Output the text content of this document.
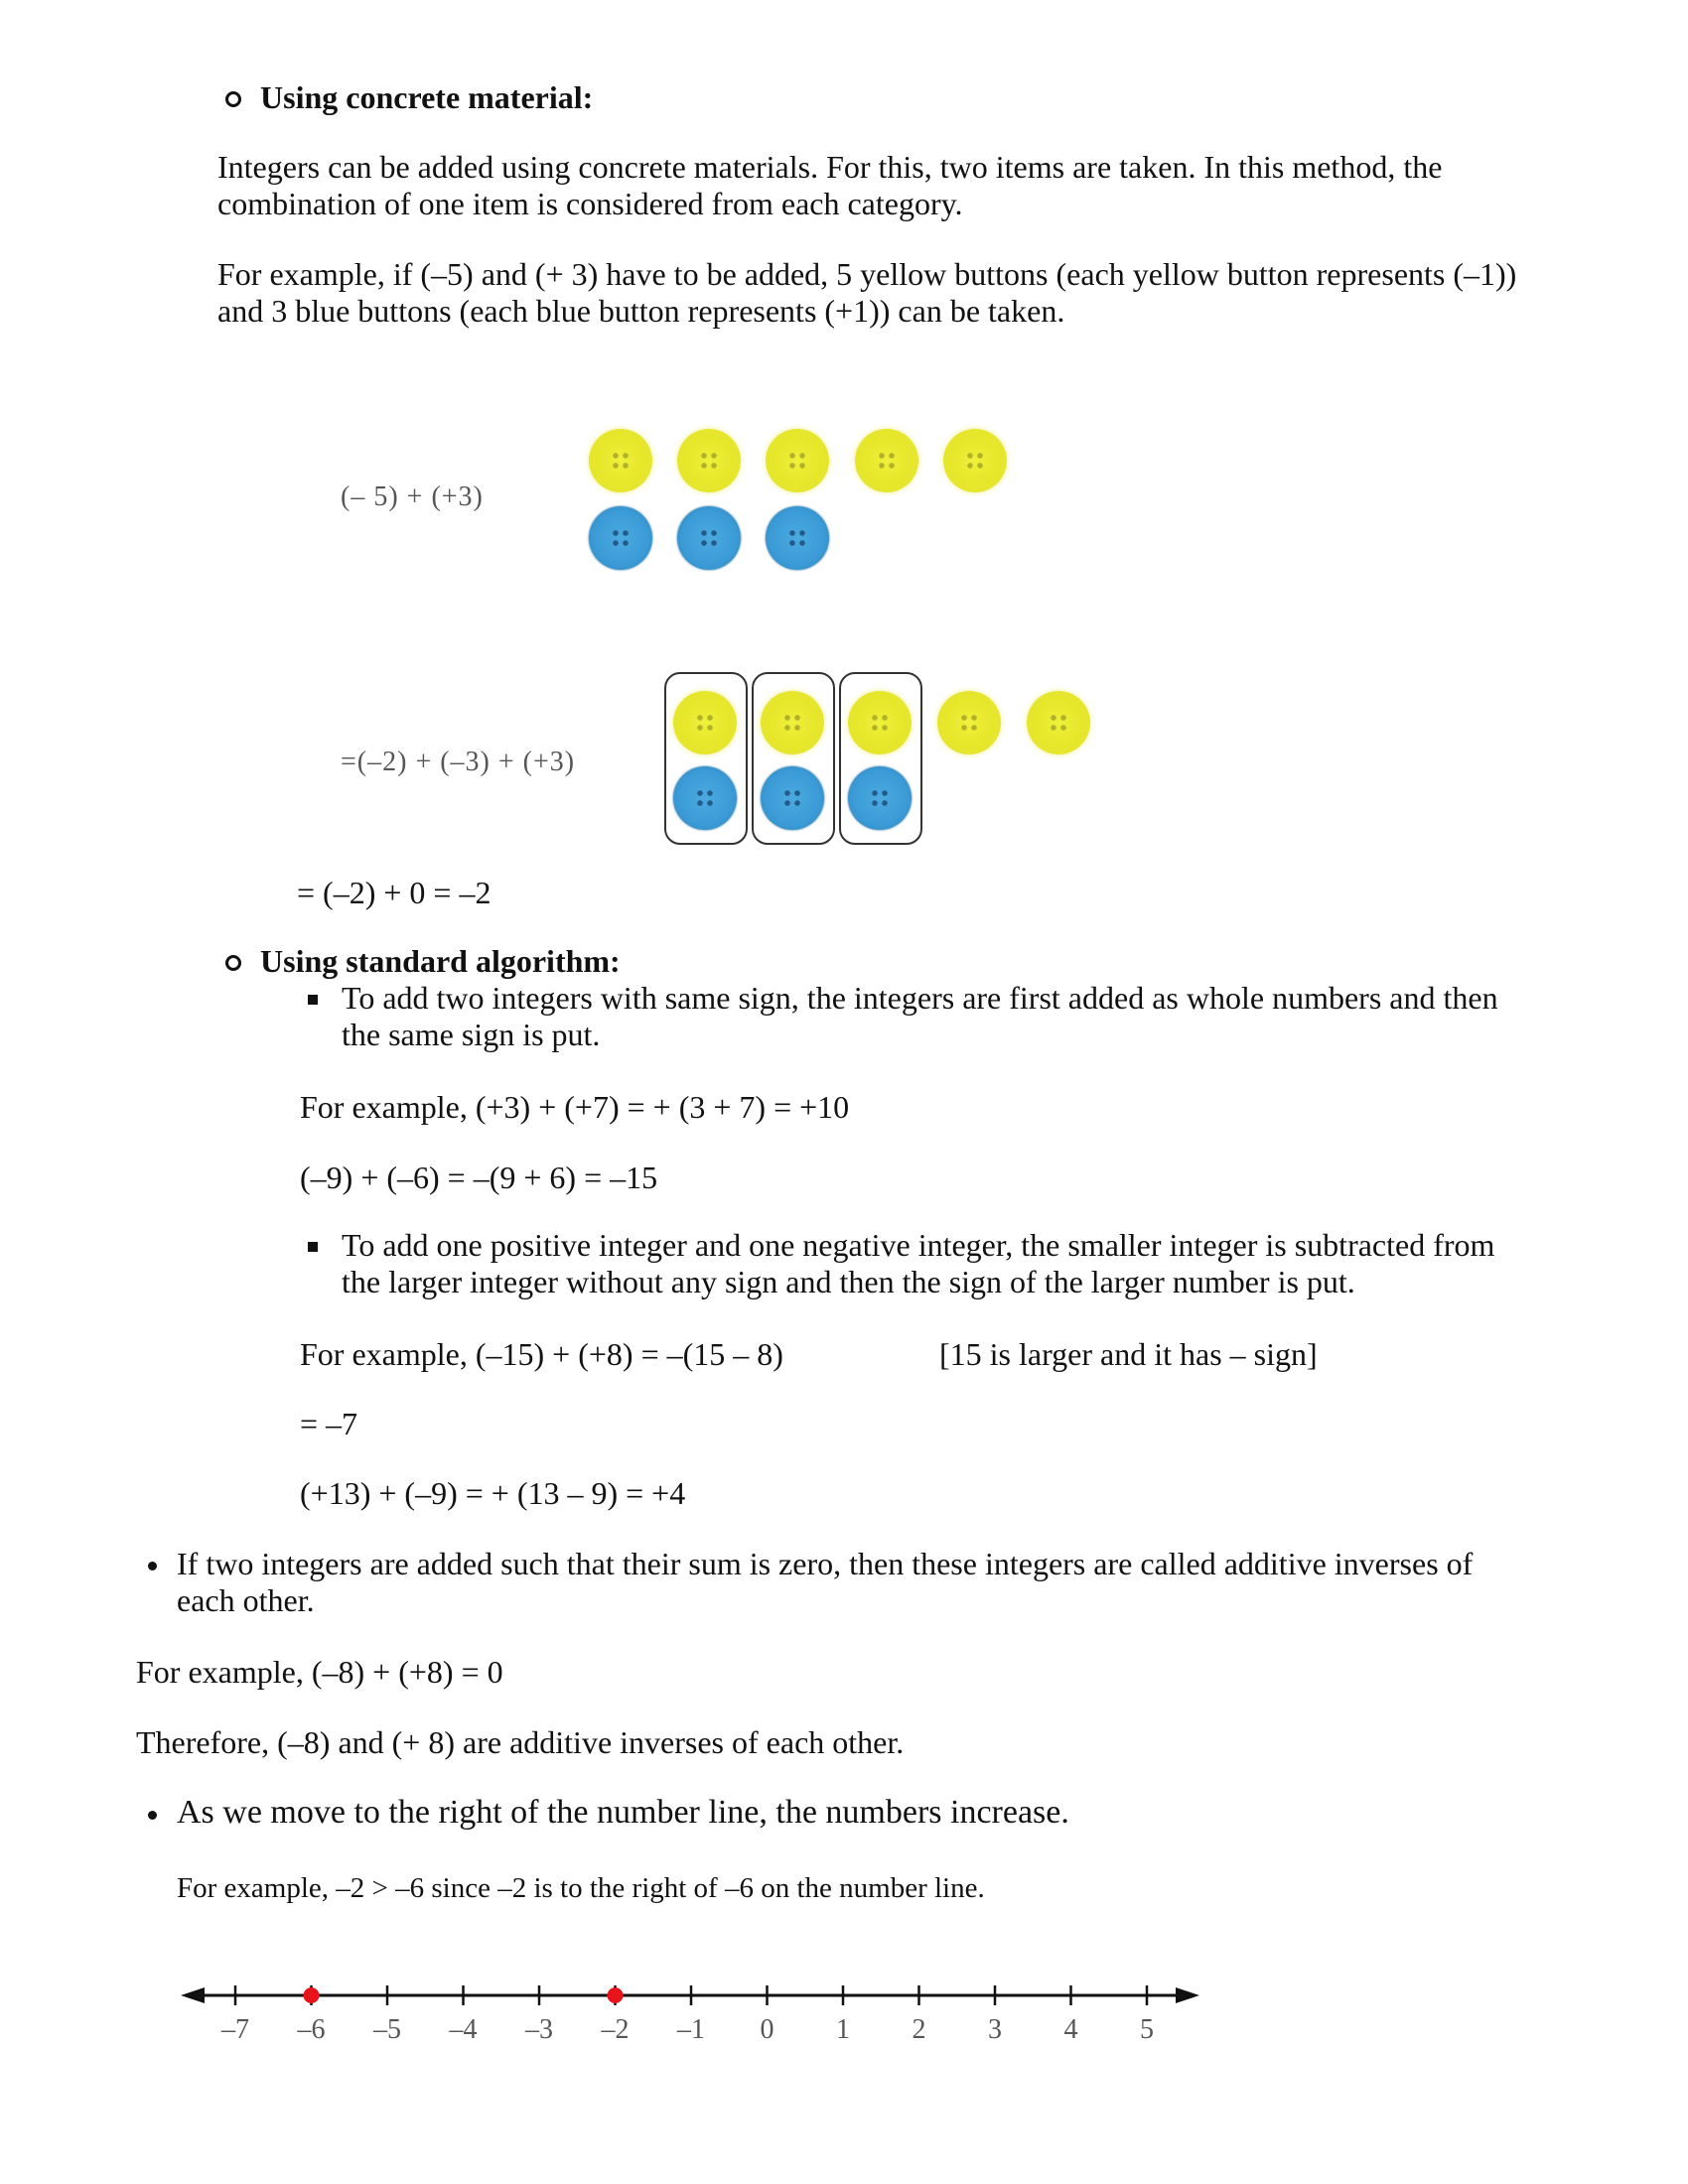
Using concrete material:
Integers can be added using concrete materials. For this, two items are taken. In this method, the
combination of one item is considered from each category.
For example, if (–5) and (+ 3) have to be added, 5 yellow buttons (each yellow button represents (–1))
and 3 blue buttons (each blue button represents (+1)) can be taken.
(– 5) + (+3)
=(–2) + (–3) + (+3)
= (–2) + 0 = –2
Using standard algorithm:
To add two integers with same sign, the integers are first added as whole numbers and then
the same sign is put.
For example, (+3) + (+7) = + (3 + 7) = +10
(–9) + (–6) = –(9 + 6) = –15
To add one positive integer and one negative integer, the smaller integer is subtracted from
the larger integer without any sign and then the sign of the larger number is put.
For example, (–15) + (+8) = –(15 – 8)	[15 is larger and it has – sign]
= –7
(+13) + (–9) = + (13 – 9) = +4
If two integers are added such that their sum is zero, then these integers are called additive inverses of
each other.
For example, (–8) + (+8) = 0
Therefore, (–8) and (+ 8) are additive inverses of each other.
As we move to the right of the number line, the numbers increase.
For example, –2 > –6 since –2 is to the right of –6 on the number line.
–7 –6 –5 –4 –3 –2 –1 0 1 2 3 4 5
